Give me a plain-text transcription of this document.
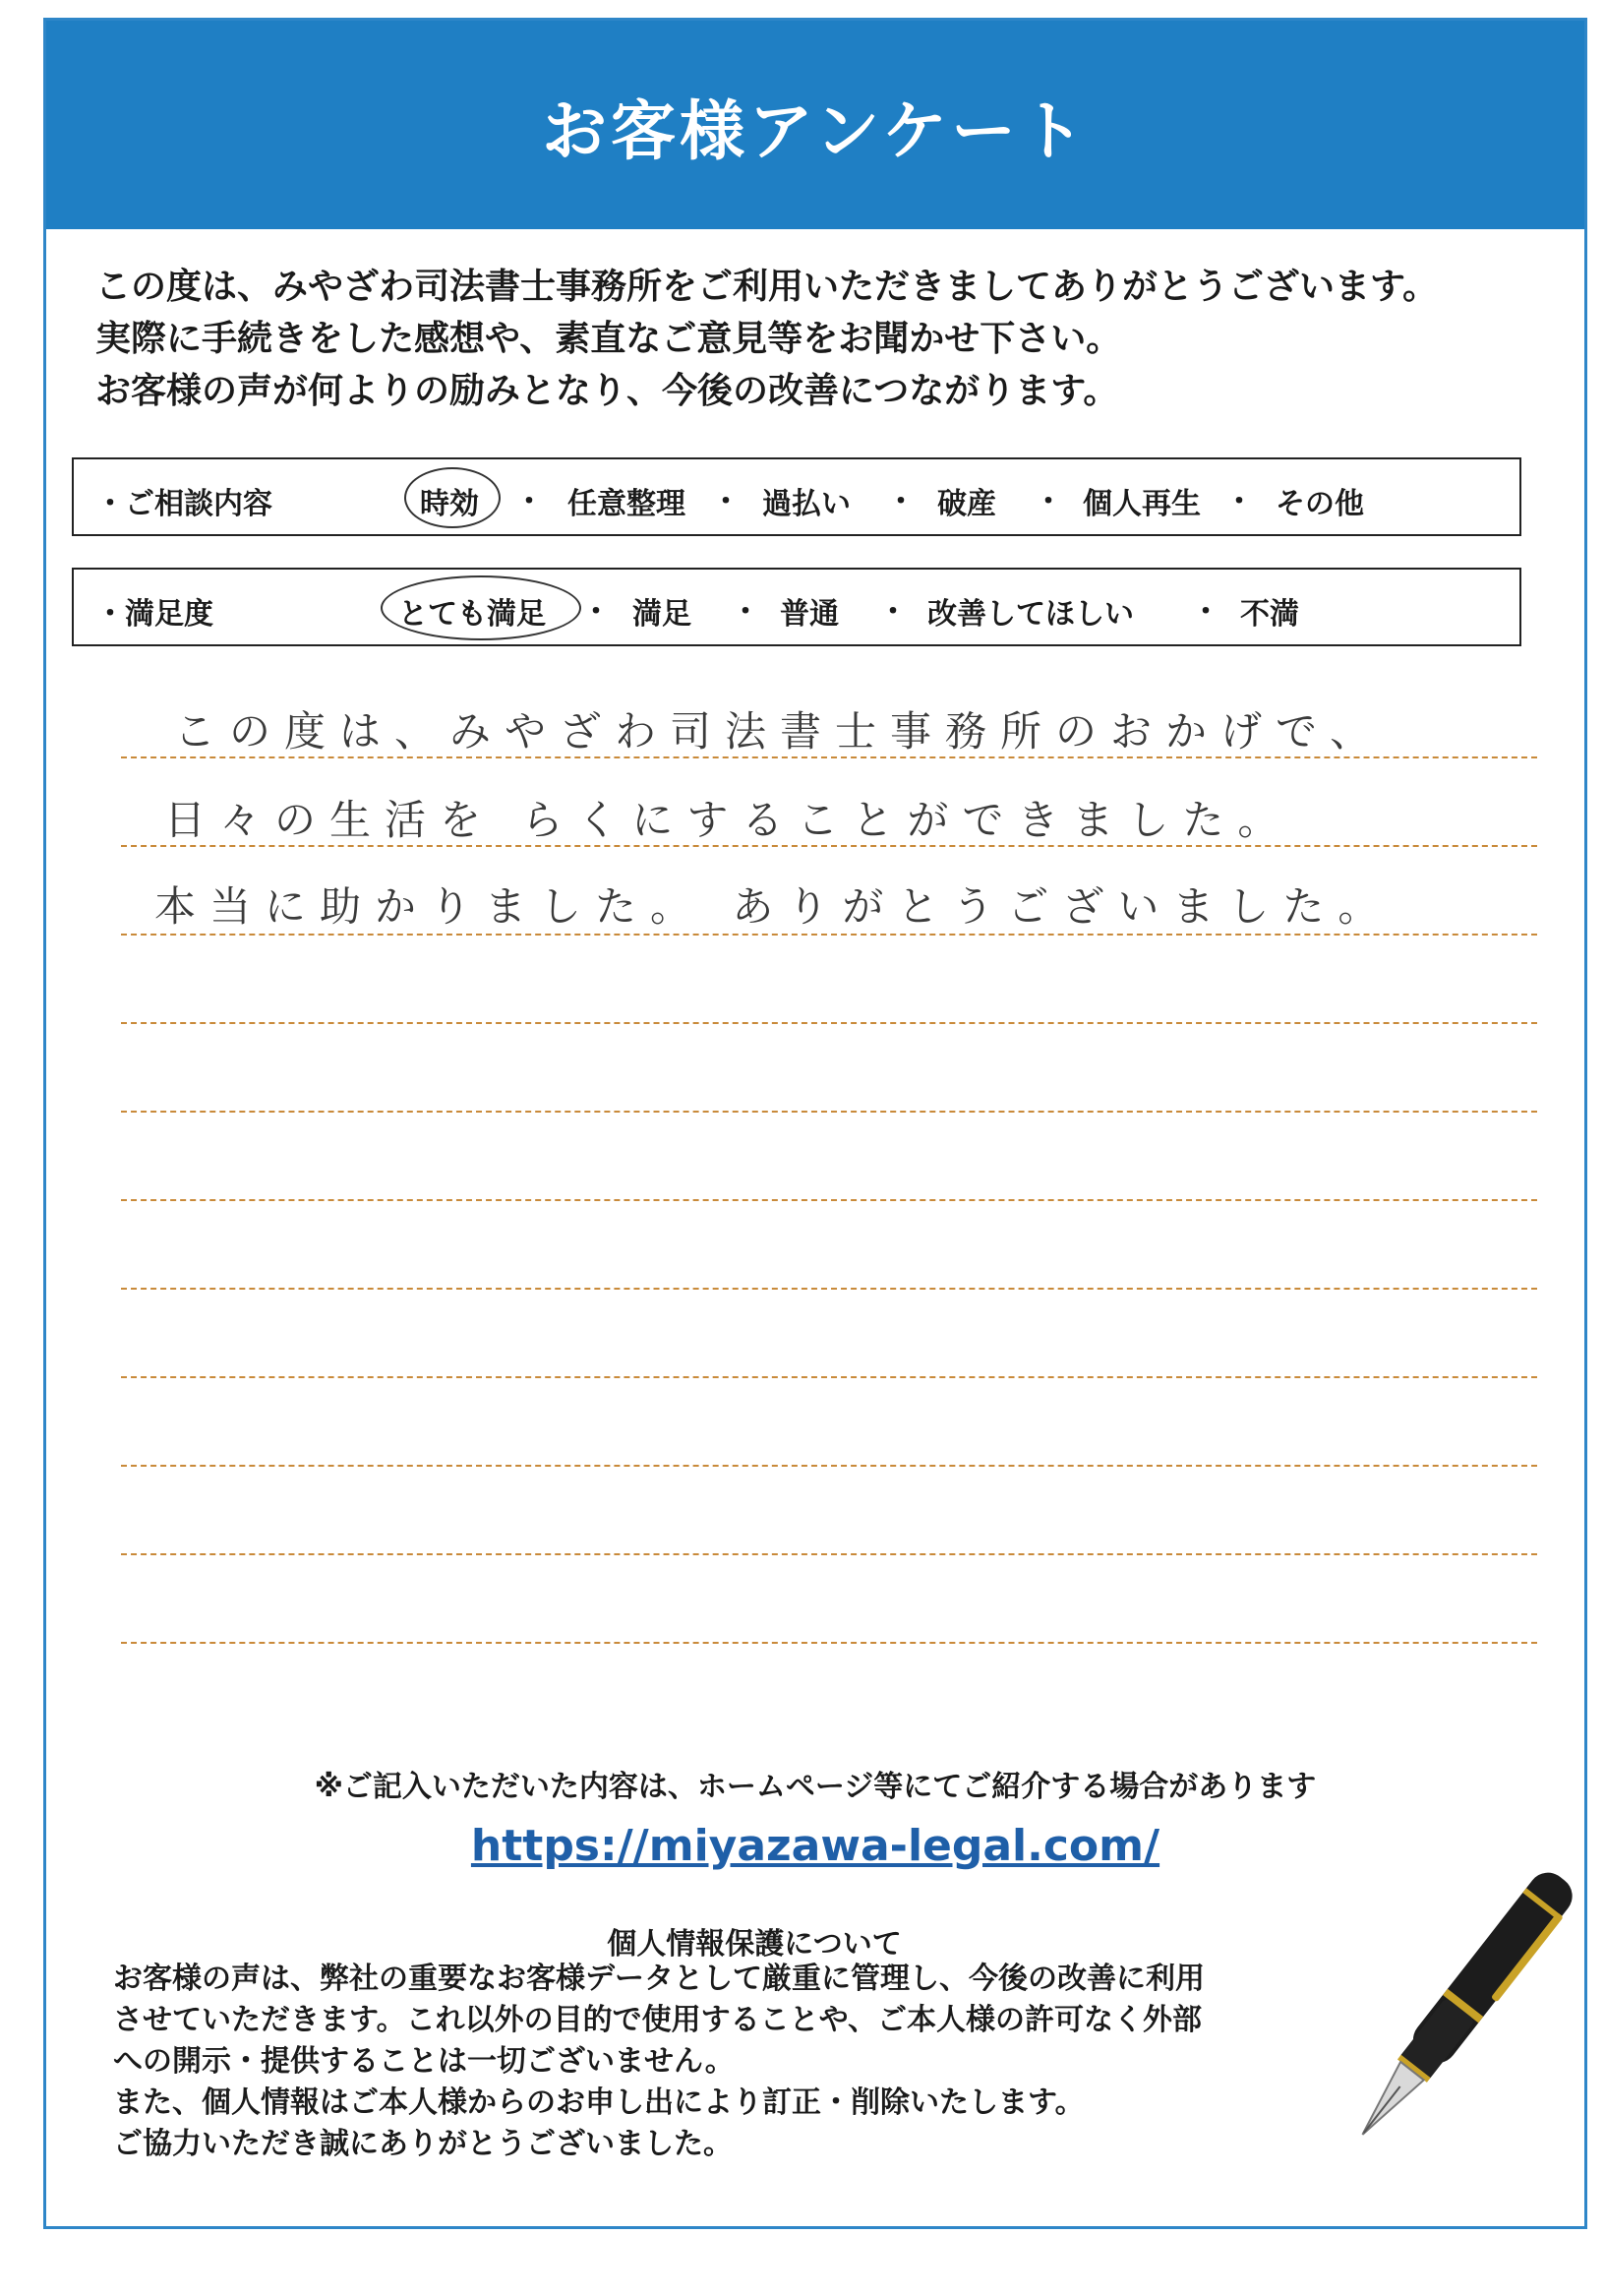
お客様アンケート
この度は、みやざわ司法書士事務所をご利用いただきましてありがとうございます。
実際に手続きをした感想や、素直なご意見等をお聞かせ下さい。
お客様の声が何よりの励みとなり、今後の改善につながります。
・ご相談内容	時効 ・ 任意整理 ・ 過払い ・ 破産 ・ 個人再生 ・ その他
・満足度	とても満足 ・ 満足 ・ 普通 ・ 改善してほしい ・ 不満
この度は、みやざわ司法書士事務所のおかげで、
日々の生活を らくにすることができました。
本当に助かりました。 ありがとうございました。
※ご記入いただいた内容は、ホームページ等にてご紹介する場合があります
https://miyazawa-legal.com/
個人情報保護について
お客様の声は、弊社の重要なお客様データとして厳重に管理し、今後の改善に利用
させていただきます。これ以外の目的で使用することや、ご本人様の許可なく外部
への開示・提供することは一切ございません。
また、個人情報はご本人様からのお申し出により訂正・削除いたします。
ご協力いただき誠にありがとうございました。
